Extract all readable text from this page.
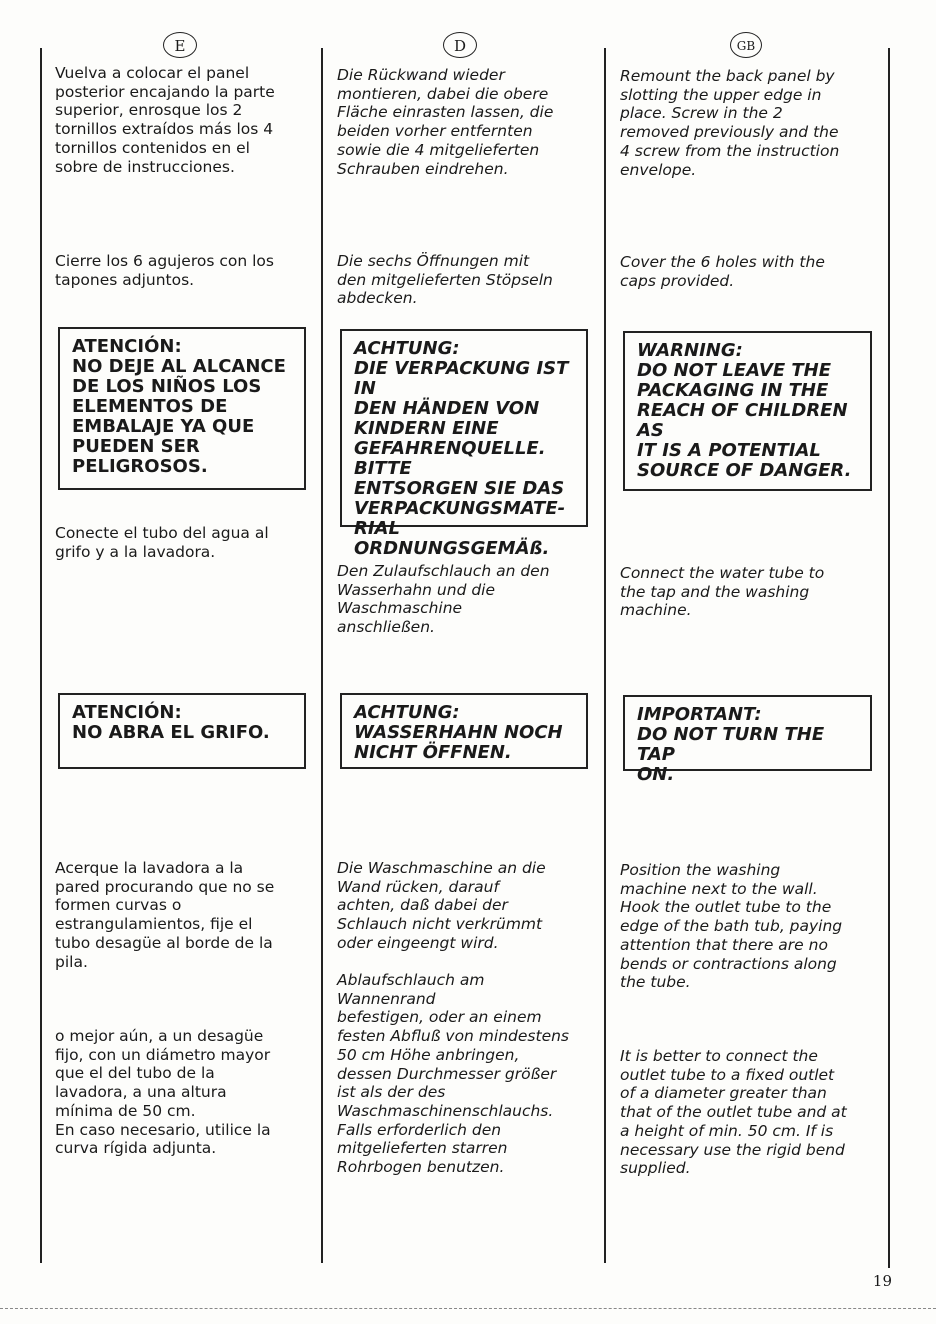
E

Vuelva a colocar el panel
posterior encajando la parte
superior, enrosque los 2
tornillos extraídos más los 4
tornillos contenidos en el
sobre de instrucciones.

Cierre los 6 agujeros con los
tapones adjuntos.

ATENCIÓN:
NO DEJE AL ALCANCE
DE LOS NIÑOS LOS
ELEMENTOS DE
EMBALAJE YA QUE
PUEDEN SER
PELIGROSOS.

Conecte el tubo del agua al
grifo y a la lavadora.

ATENCIÓN:
NO ABRA EL GRIFO.

Acerque la lavadora a la
pared procurando que no se
formen curvas o
estrangulamientos, fije el
tubo desagüe al borde de la
pila.

o mejor aún, a un desagüe
fijo, con un diámetro mayor
que el del tubo de la
lavadora, a una altura
mínima de 50 cm.
En caso necesario, utilice la
curva rígida adjunta.

D

Die Rückwand wieder
montieren, dabei die obere
Fläche einrasten lassen, die
beiden vorher entfernten
sowie die 4 mitgelieferten
Schrauben eindrehen.

Die sechs Öffnungen mit
den mitgelieferten Stöpseln
abdecken.

ACHTUNG:
DIE VERPACKUNG IST IN
DEN HÄNDEN VON
KINDERN EINE
GEFAHRENQUELLE. BITTE
ENTSORGEN SIE DAS
VERPACKUNGSMATE-
RIAL
ORDNUNGSGEMÄß.

Den Zulaufschlauch an den
Wasserhahn und die
Waschmaschine
anschließen.

ACHTUNG:
WASSERHAHN NOCH
NICHT ÖFFNEN.

Die Waschmaschine an die
Wand rücken, darauf
achten, daß dabei der
Schlauch nicht verkrümmt
oder eingeengt wird.

Ablaufschlauch am
Wannenrand
befestigen, oder an einem
festen Abfluß von mindestens
50 cm Höhe anbringen,
dessen Durchmesser größer
ist als der des
Waschmaschinenschlauchs.
Falls erforderlich den
mitgelieferten starren
Rohrbogen benutzen.

GB

Remount the back panel by
slotting the upper edge in
place. Screw in the 2
removed previously and the
4 screw from the instruction
envelope.

Cover the 6 holes with the
caps provided.

WARNING:
DO NOT LEAVE THE
PACKAGING IN THE
REACH OF CHILDREN AS
IT IS A POTENTIAL
SOURCE OF DANGER.

Connect the water tube to
the tap and the washing
machine.

IMPORTANT:
DO NOT TURN THE TAP
ON.

Position the washing
machine next to the wall.
Hook the outlet tube to the
edge of the bath tub, paying
attention that there are no
bends or contractions along
the tube.

It is better to connect the
outlet tube to a fixed outlet
of a diameter greater than
that of the outlet tube and at
a height of min. 50 cm. If is
necessary use the rigid bend
supplied.

19
